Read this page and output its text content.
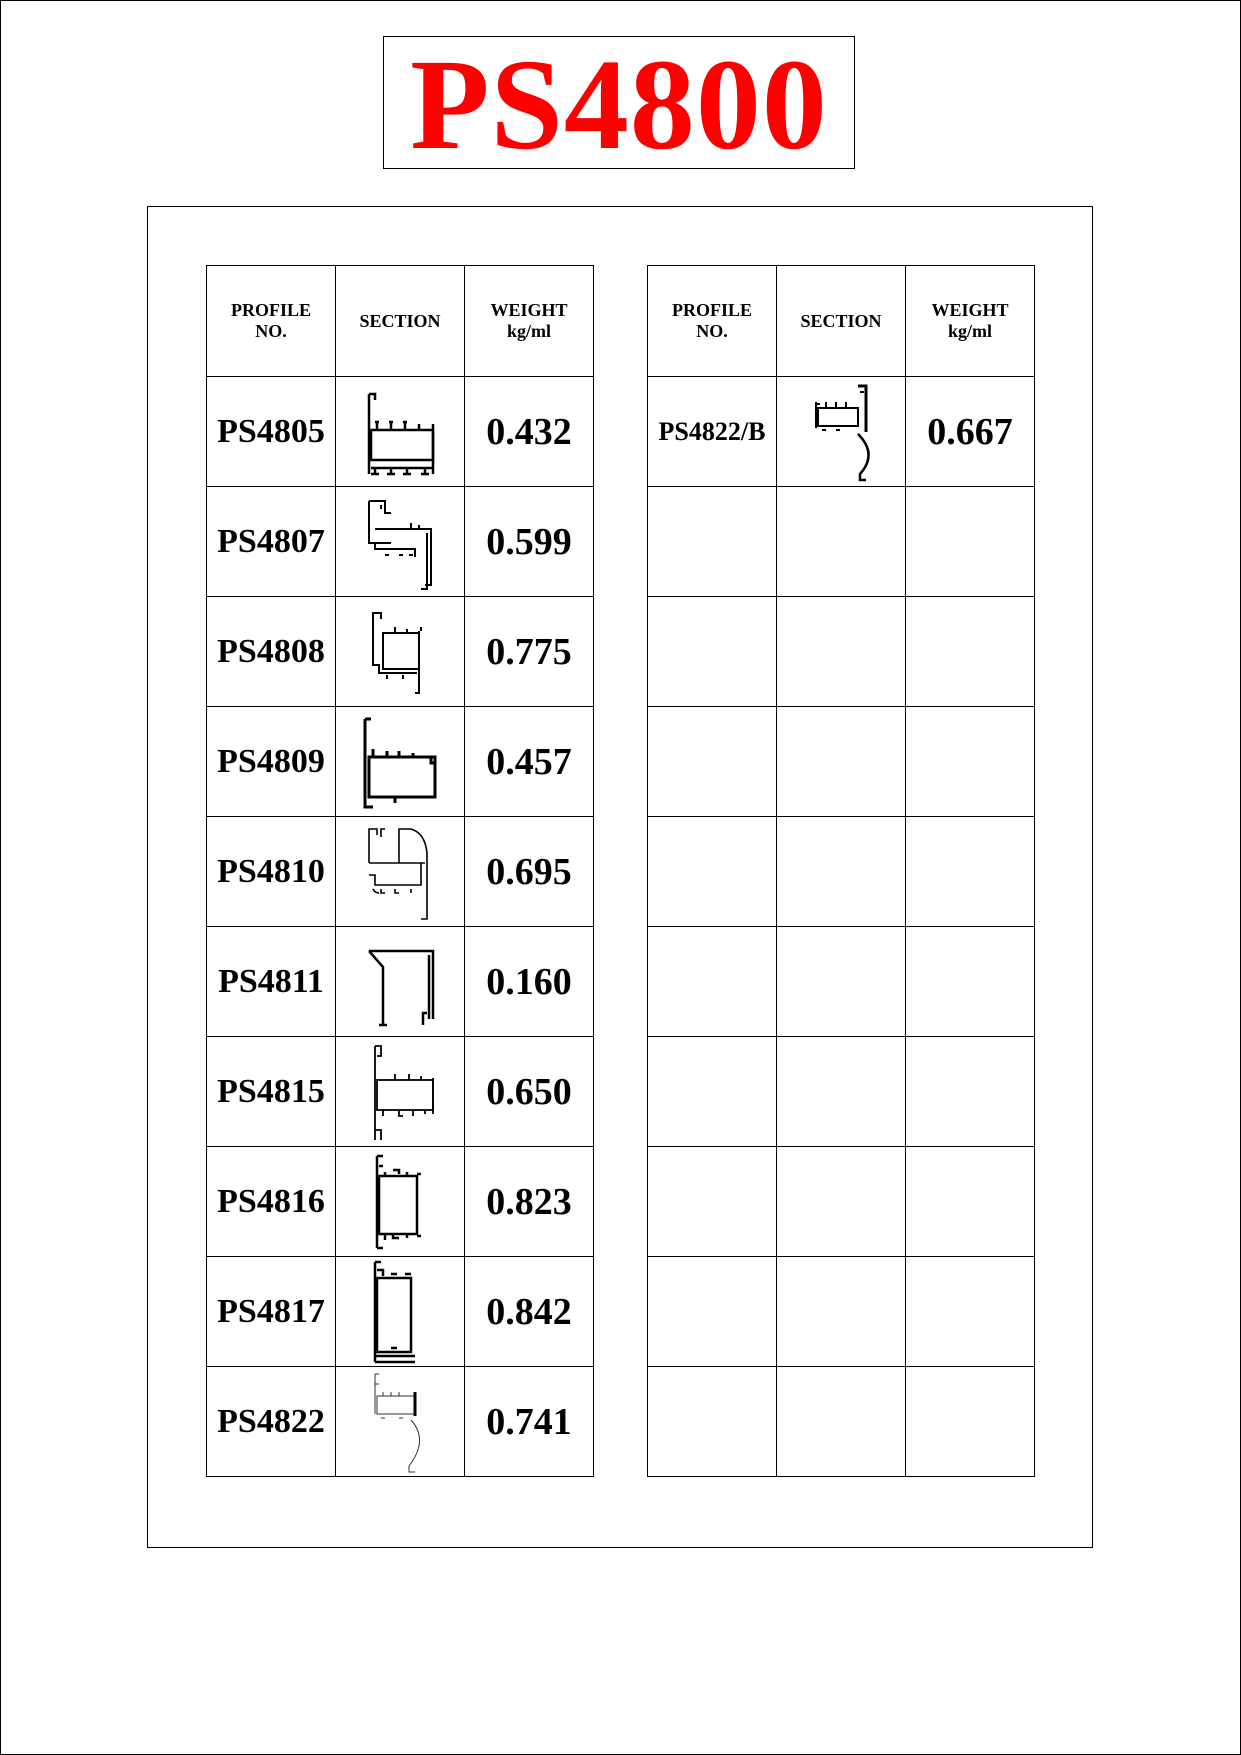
PS4800
PROFILE
NO.	SECTION	WEIGHT
kg/ml

PS4805		0.432
PS4807		0.599
PS4808		0.775
PS4809		0.457
PS4810		0.695
PS4811		0.160
PS4815		0.650
PS4816		0.823
PS4817		0.842
PS4822		0.741
PROFILE
NO.	SECTION	WEIGHT
kg/ml

PS4822/B		0.667
